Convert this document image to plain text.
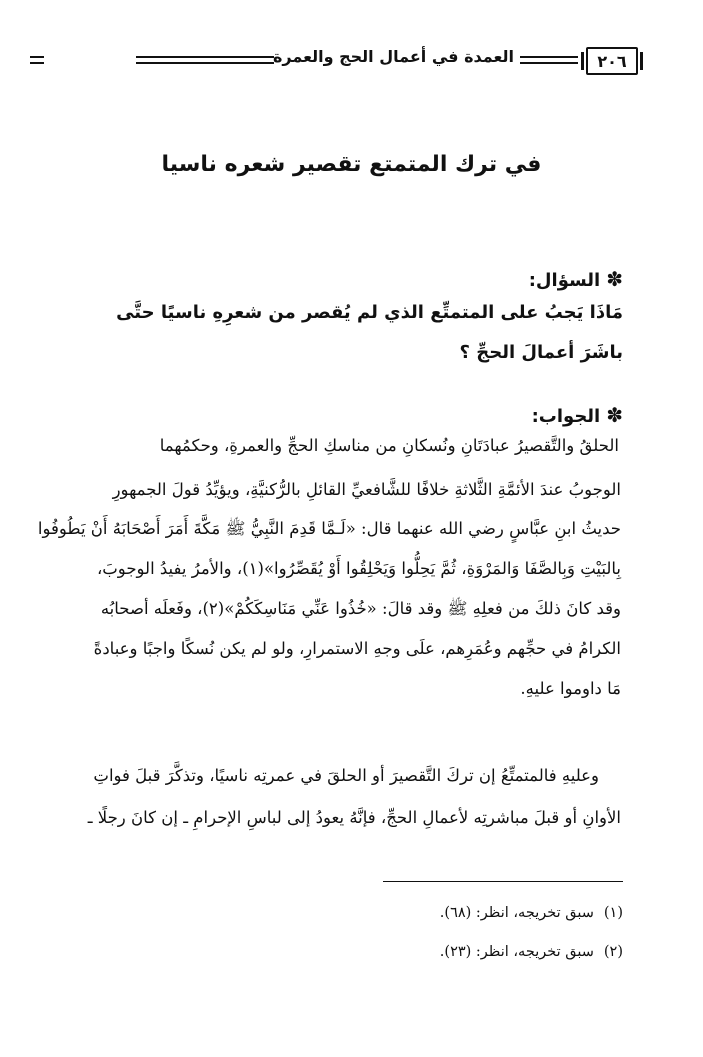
٢٠٦
العمدة في أعمال الحج والعمرة
في ترك المتمتع تقصير شعره ناسيا
✽السؤال:
مَاذَا يَجبُ على المتمتِّع الذي لم يُقصر من شعرِهِ ناسيًا حتَّى
باشَرَ أعمالَ الحجِّ ؟
✽الجواب:
الحلقُ والتَّقصيرُ عبادَتَانِ ونُسكانِ من مناسكِ الحجِّ والعمرةِ، وحكمُهما
الوجوبُ عندَ الأئمَّةِ الثَّلاثةِ خلافًا للشَّافعيِّ القائلِ بالرُّكنيَّةِ، ويؤيِّدُ قولَ الجمهورِ
حديثُ ابنِ عبَّاسٍ رضي الله عنهما قال: «لَـمَّا قَدِمَ النَّبِيُّ ﷺ مَكَّةَ أَمَرَ أَصْحَابَهُ أَنْ يَطُوفُوا
بِالبَيْتِ وَبِالصَّفَا وَالمَرْوَةِ، ثُمَّ يَحِلُّوا وَيَحْلِقُوا أَوْ يُقَصِّرُوا»(١)، والأمرُ يفيدُ الوجوبَ،
وقد كانَ ذلكَ من فعلِهِ ﷺ وقد قالَ: «خُذُوا عَنِّي مَنَاسِكَكُمْ»(٢)، وفَعلَه أصحابُه
الكرامُ في حجِّهم وعُمَرِهم، علَى وجهِ الاستمرارِ، ولو لم يكن نُسكًا واجبًا وعبادةً
مَا داوموا عليهِ.
وعليهِ فالمتمتِّعُ إن تركَ التَّقصيرَ أو الحلقَ في عمرتِه ناسيًا، وتذكَّرَ قبلَ فواتِ
الأوانِ أو قبلَ مباشرتِه لأعمالِ الحجِّ، فإنَّهُ يعودُ إلى لباسِ الإحرامِ ـ إن كانَ رجلًا ـ
(١)سبق تخريجه، انظر: (٦٨).
(٢)سبق تخريجه، انظر: (٢٣).
